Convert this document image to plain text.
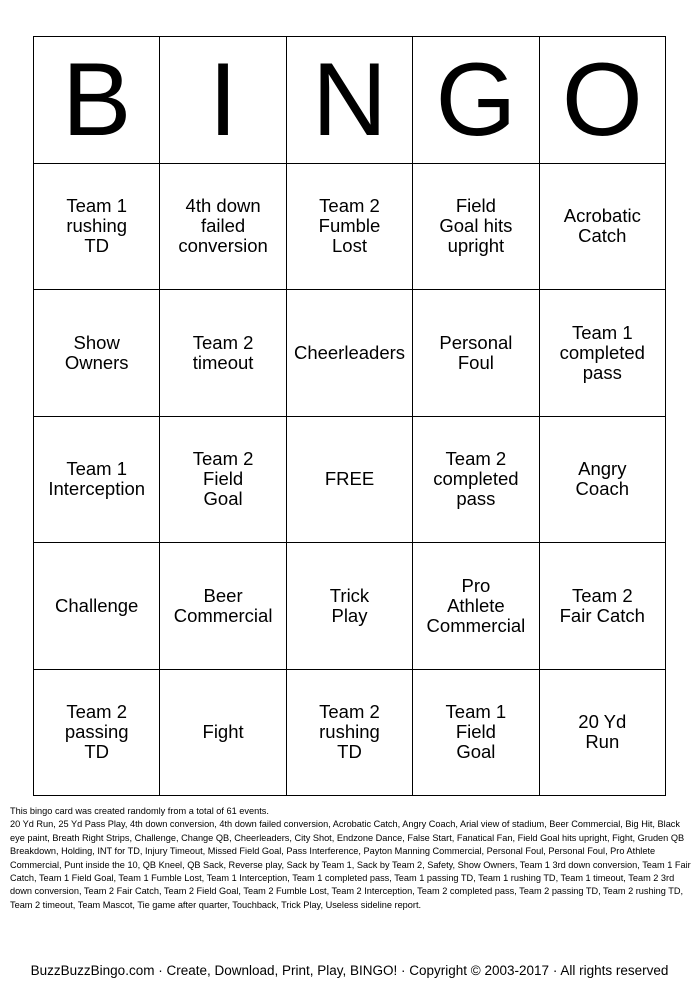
B I N G O
Team 1
rushing
TD
4th down
failed
conversion
Team 2
Fumble
Lost
Field
Goal hits
upright
Acrobatic
Catch
Show
Owners
Team 2
timeout Cheerleaders Personal
Foul
Team 1
completed
pass
Team 1
Interception
Team 2
Field
Goal
FREE
Team 2
completed
pass
Angry
Coach
Challenge	Beer
Commercial
Trick
Play
Pro
Athlete
Commercial
Team 2
Fair Catch
Team 2
passing
TD
Fight
Team 2
rushing
TD
Team 1
Field
Goal
20 Yd
Run

This bingo card was created randomly from a total of 61 events.

20 Yd Run, 25 Yd Pass Play, 4th down conversion, 4th down failed conversion, Acrobatic Catch, Angry Coach, Arial view of stadium, Beer Commercial, Big Hit, Black eye paint, Breath Right Strips, Challenge, Change QB, Cheerleaders, City Shot, Endzone Dance, False Start, Fanatical Fan, Field Goal hits upright, Fight, Gruden QB Breakdown, Holding, INT for TD, Injury Timeout, Missed Field Goal, Pass Interference, Payton Manning Commercial, Personal Foul, Personal Foul, Pro Athlete Commercial, Punt inside the 10, QB Kneel, QB Sack, Reverse play, Sack by Team 1, Sack by Team 2, Safety, Show Owners, Team 1 3rd down conversion, Team 1 Fair Catch, Team 1 Field Goal, Team 1 Fumble Lost, Team 1 Interception, Team 1 completed pass, Team 1 passing TD, Team 1 rushing TD, Team 1 timeout, Team 2 3rd down conversion, Team 2 Fair Catch, Team 2 Field Goal, Team 2 Fumble Lost, Team 2 Interception, Team 2 completed pass, Team 2 passing TD, Team 2 rushing TD, Team 2 timeout, Team Mascot, Tie game after quarter, Touchback, Trick Play, Useless sideline report.

BuzzBuzzBingo.com · Create, Download, Print, Play, BINGO! · Copyright © 2003-2017 · All rights reserved
